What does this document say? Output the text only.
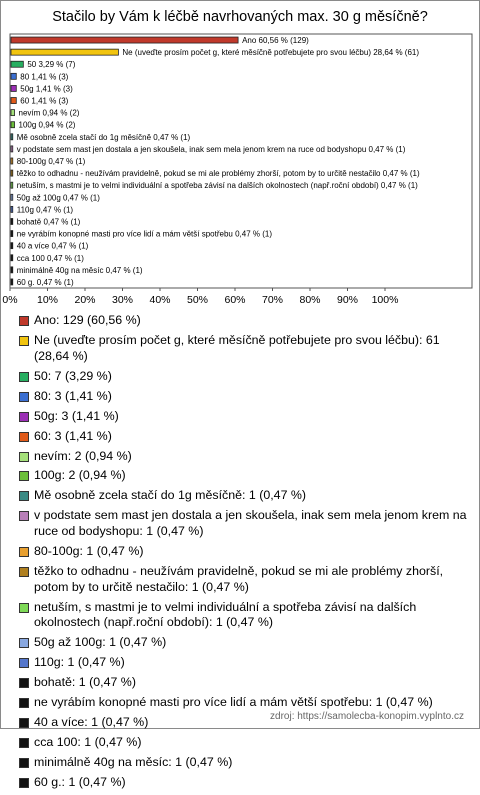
Stačilo by Vám k léčbě navrhovaných max. 30 g měsíčně?
Ano 60,56 % (129)
Ne (uveďte prosím počet g, které měsíčně potřebujete pro svou léčbu) 28,64 % (61)
50 3,29 % (7)
80 1,41 % (3)
50g 1,41 % (3)
60 1,41 % (3)
nevím 0,94 % (2)
100g 0,94 % (2)
Mě osobně zcela stačí do 1g měsíčně 0,47 % (1)
v podstate sem mast jen dostala a jen skoušela, inak sem mela jenom krem na ruce od bodyshopu 0,47 % (1)
80-100g 0,47 % (1)
těžko to odhadnu - neužívám pravidelně, pokud se mi ale problémy zhorší, potom by to určitě nestačilo 0,47 % (1)
netuším, s mastmi je to velmi individuální a spotřeba závisí na dalších okolnostech (např.roční období) 0,47 % (1)
50g až 100g 0,47 % (1)
110g 0,47 % (1)
bohatě 0,47 % (1)
ne vyrábím konopné masti pro více lidí a mám větší spotřebu 0,47 % (1)
40 a více 0,47 % (1)
cca 100 0,47 % (1)
minimálně 40g na měsíc 0,47 % (1)
60 g. 0,47 % (1)
0% 10% 20% 30% 40% 50% 60% 70% 80% 90% 100%
Ano: 129 (60,56 %)
Ne (uveďte prosím počet g, které měsíčně potřebujete pro svou léčbu): 61 (28,64 %)
50: 7 (3,29 %)
80: 3 (1,41 %)
50g: 3 (1,41 %)
60: 3 (1,41 %)
nevím: 2 (0,94 %)
100g: 2 (0,94 %)
Mě osobně zcela stačí do 1g měsíčně: 1 (0,47 %)
v podstate sem mast jen dostala a jen skoušela, inak sem mela jenom krem na ruce od bodyshopu: 1 (0,47 %)
80-100g: 1 (0,47 %)
těžko to odhadnu - neužívám pravidelně, pokud se mi ale problémy zhorší, potom by to určitě nestačilo: 1 (0,47 %)
netuším, s mastmi je to velmi individuální a spotřeba závisí na dalších okolnostech (např.roční období): 1 (0,47 %)
50g až 100g: 1 (0,47 %)
110g: 1 (0,47 %)
bohatě: 1 (0,47 %)
ne vyrábím konopné masti pro více lidí a mám větší spotřebu: 1 (0,47 %)
40 a více: 1 (0,47 %)
cca 100: 1 (0,47 %)
minimálně 40g na měsíc: 1 (0,47 %)
60 g.: 1 (0,47 %)
zdroj: https://samolecba-konopim.vyplnto.cz
